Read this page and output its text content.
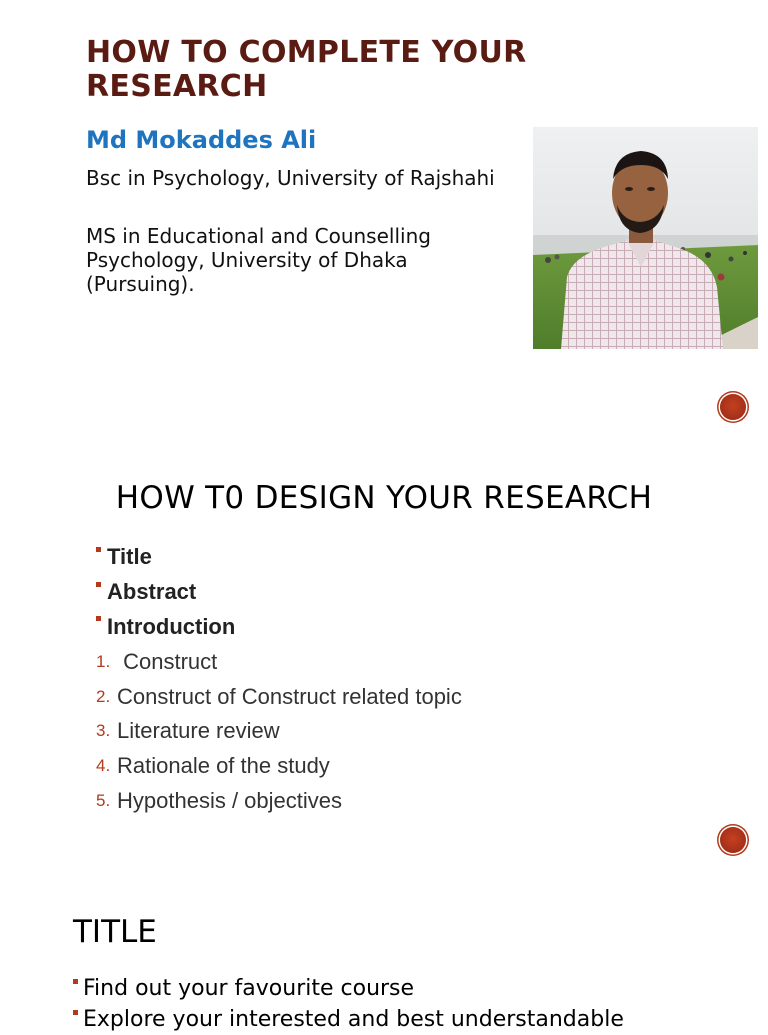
HOW TO COMPLETE YOUR RESEARCH
Md Mokaddes Ali

Bsc in Psychology, University of Rajshahi

MS in Educational and Counselling Psychology, University of Dhaka (Pursuing).

HOW T0 DESIGN YOUR RESEARCH
Title
Abstract
Introduction
1. Construct
2. Construct of Construct related topic
3. Literature review
4. Rationale of the study
5. Hypothesis / objectives
TITLE
Find out your favourite course
Explore your interested and best understandable
